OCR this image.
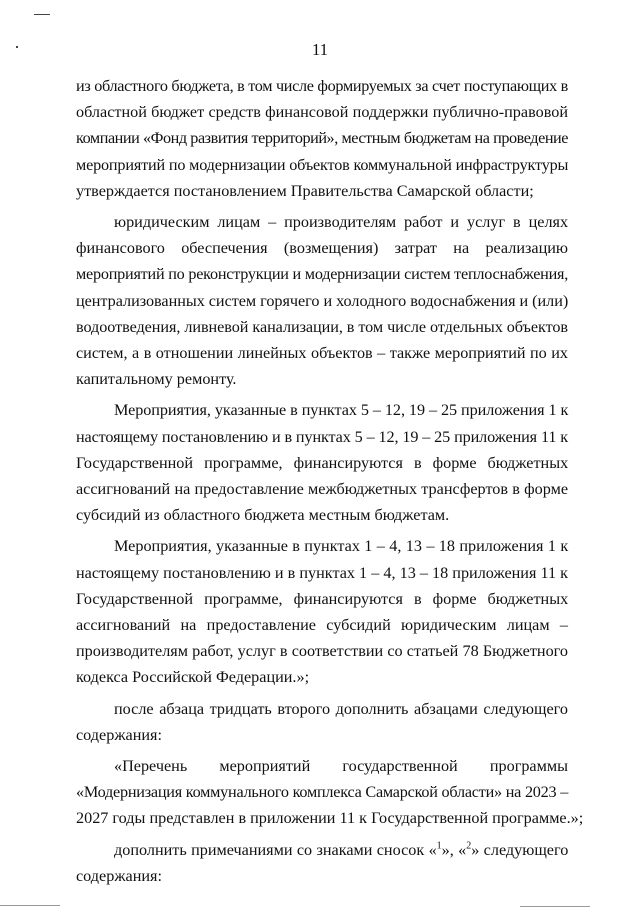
11
из областного бюджета, в том числе формируемых за счет поступающих в
областной бюджет средств финансовой поддержки публично-правовой
компании «Фонд развития территорий», местным бюджетам на проведение
мероприятий по модернизации объектов коммунальной инфраструктуры
утверждается постановлением Правительства Самарской области;
юридическим лицам – производителям работ и услуг в целях
финансового обеспечения (возмещения) затрат на реализацию
мероприятий по реконструкции и модернизации систем теплоснабжения,
централизованных систем горячего и холодного водоснабжения и (или)
водоотведения, ливневой канализации, в том числе отдельных объектов
систем, а в отношении линейных объектов – также мероприятий по их
капитальному ремонту.
Мероприятия, указанные в пунктах 5 – 12, 19 – 25 приложения 1 к
настоящему постановлению и в пунктах 5 – 12, 19 – 25 приложения 11 к
Государственной программе, финансируются в форме бюджетных
ассигнований на предоставление межбюджетных трансфертов в форме
субсидий из областного бюджета местным бюджетам.
Мероприятия, указанные в пунктах 1 – 4, 13 – 18 приложения 1 к
настоящему постановлению и в пунктах 1 – 4, 13 – 18 приложения 11 к
Государственной программе, финансируются в форме бюджетных
ассигнований на предоставление субсидий юридическим лицам –
производителям работ, услуг в соответствии со статьей 78 Бюджетного
кодекса Российской Федерации.»;
после абзаца тридцать второго дополнить абзацами следующего
содержания:
«Перечень мероприятий государственной программы
«Модернизация коммунального комплекса Самарской области» на 2023 –
2027 годы представлен в приложении 11 к Государственной программе.»;
дополнить примечаниями со знаками сносок «$^1$», «$^2$» следующего
содержания:
